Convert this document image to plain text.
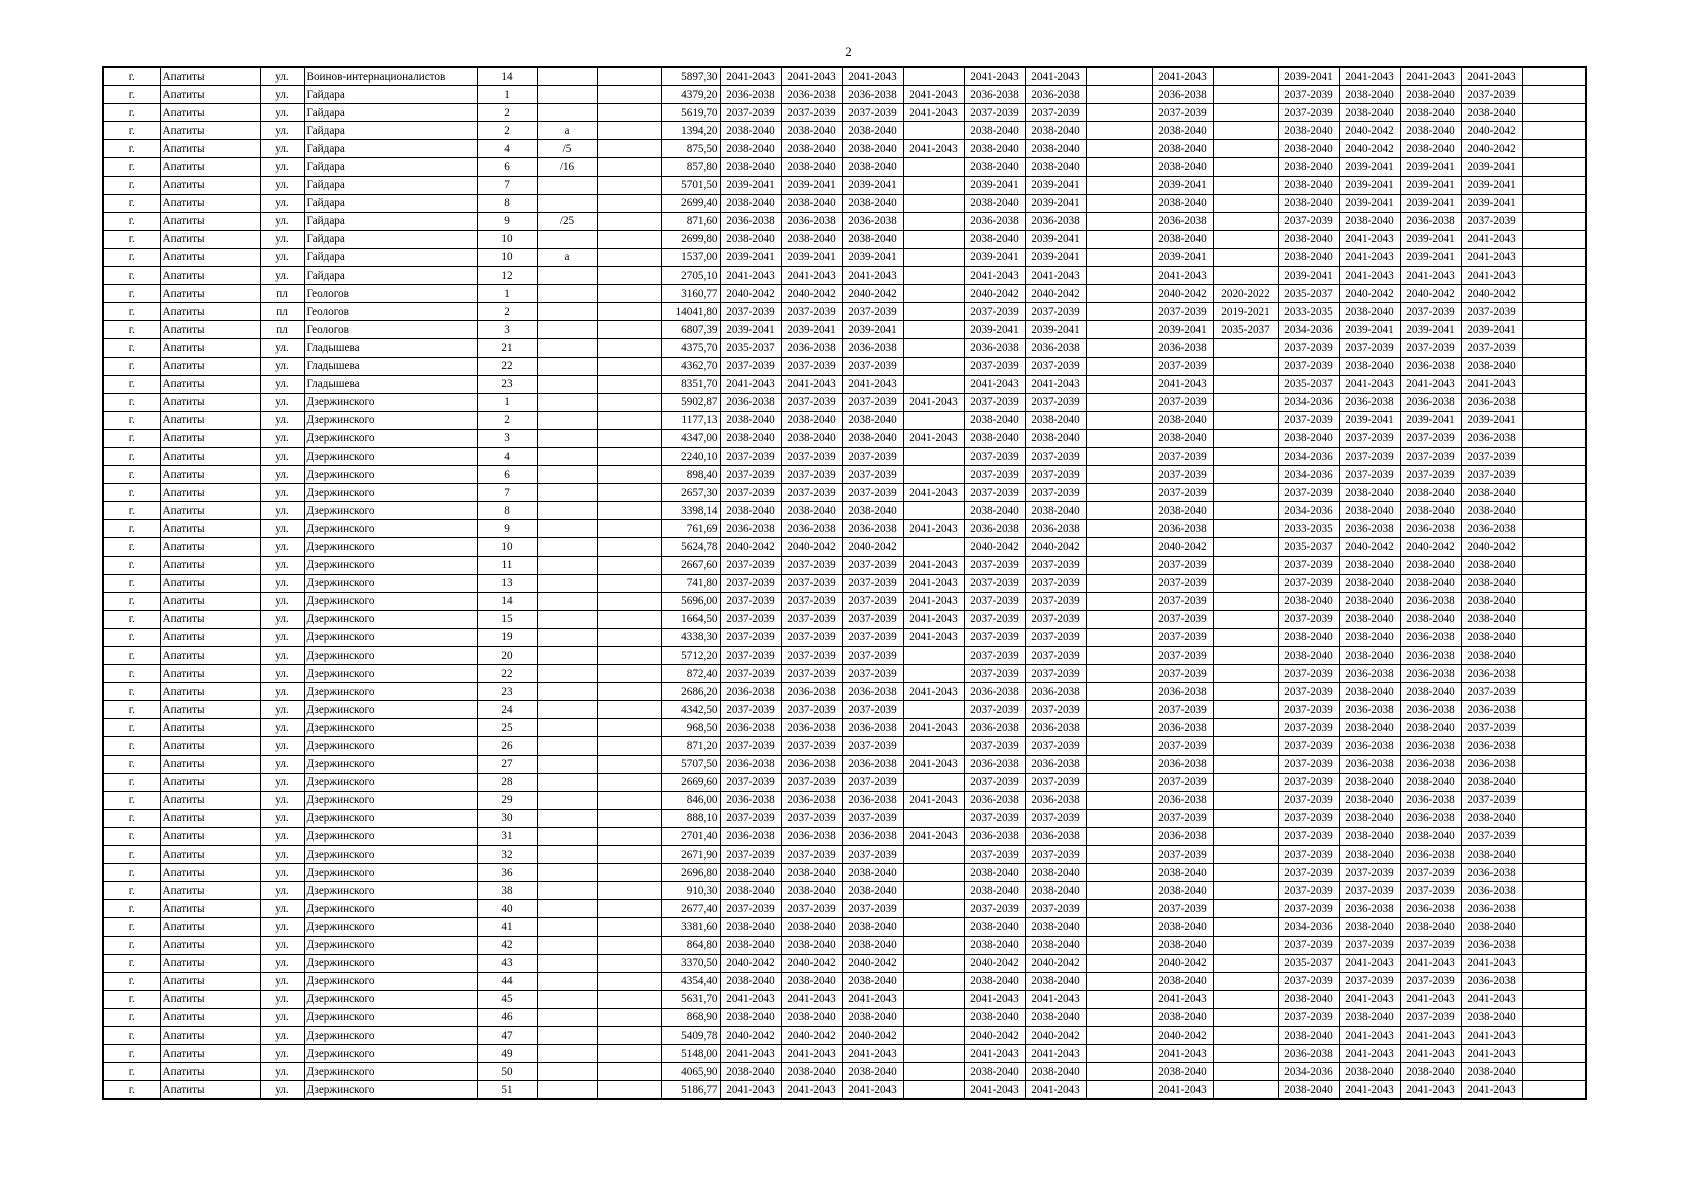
2
г.	Апатиты	ул.	Воинов-интернационалистов	14			5897,30	2041-2043	2041-2043	2041-2043		2041-2043	2041-2043		2041-2043		2039-2041	2041-2043	2041-2043	2041-2043	
г.	Апатиты	ул.	Гайдара	1			4379,20	2036-2038	2036-2038	2036-2038	2041-2043	2036-2038	2036-2038		2036-2038		2037-2039	2038-2040	2038-2040	2037-2039	
г.	Апатиты	ул.	Гайдара	2			5619,70	2037-2039	2037-2039	2037-2039	2041-2043	2037-2039	2037-2039		2037-2039		2037-2039	2038-2040	2038-2040	2038-2040	
г.	Апатиты	ул.	Гайдара	2	а		1394,20	2038-2040	2038-2040	2038-2040		2038-2040	2038-2040		2038-2040		2038-2040	2040-2042	2038-2040	2040-2042	
г.	Апатиты	ул.	Гайдара	4	/5		875,50	2038-2040	2038-2040	2038-2040	2041-2043	2038-2040	2038-2040		2038-2040		2038-2040	2040-2042	2038-2040	2040-2042	
г.	Апатиты	ул.	Гайдара	6	/16		857,80	2038-2040	2038-2040	2038-2040		2038-2040	2038-2040		2038-2040		2038-2040	2039-2041	2039-2041	2039-2041	
г.	Апатиты	ул.	Гайдара	7			5701,50	2039-2041	2039-2041	2039-2041		2039-2041	2039-2041		2039-2041		2038-2040	2039-2041	2039-2041	2039-2041	
г.	Апатиты	ул.	Гайдара	8			2699,40	2038-2040	2038-2040	2038-2040		2038-2040	2039-2041		2038-2040		2038-2040	2039-2041	2039-2041	2039-2041	
г.	Апатиты	ул.	Гайдара	9	/25		871,60	2036-2038	2036-2038	2036-2038		2036-2038	2036-2038		2036-2038		2037-2039	2038-2040	2036-2038	2037-2039	
г.	Апатиты	ул.	Гайдара	10			2699,80	2038-2040	2038-2040	2038-2040		2038-2040	2039-2041		2038-2040		2038-2040	2041-2043	2039-2041	2041-2043	
г.	Апатиты	ул.	Гайдара	10	а		1537,00	2039-2041	2039-2041	2039-2041		2039-2041	2039-2041		2039-2041		2038-2040	2041-2043	2039-2041	2041-2043	
г.	Апатиты	ул.	Гайдара	12			2705,10	2041-2043	2041-2043	2041-2043		2041-2043	2041-2043		2041-2043		2039-2041	2041-2043	2041-2043	2041-2043	
г.	Апатиты	пл	Геологов	1			3160,77	2040-2042	2040-2042	2040-2042		2040-2042	2040-2042		2040-2042	2020-2022	2035-2037	2040-2042	2040-2042	2040-2042	
г.	Апатиты	пл	Геологов	2			14041,80	2037-2039	2037-2039	2037-2039		2037-2039	2037-2039		2037-2039	2019-2021	2033-2035	2038-2040	2037-2039	2037-2039	
г.	Апатиты	пл	Геологов	3			6807,39	2039-2041	2039-2041	2039-2041		2039-2041	2039-2041		2039-2041	2035-2037	2034-2036	2039-2041	2039-2041	2039-2041	
г.	Апатиты	ул.	Гладышева	21			4375,70	2035-2037	2036-2038	2036-2038		2036-2038	2036-2038		2036-2038		2037-2039	2037-2039	2037-2039	2037-2039	
г.	Апатиты	ул.	Гладышева	22			4362,70	2037-2039	2037-2039	2037-2039		2037-2039	2037-2039		2037-2039		2037-2039	2038-2040	2036-2038	2038-2040	
г.	Апатиты	ул.	Гладышева	23			8351,70	2041-2043	2041-2043	2041-2043		2041-2043	2041-2043		2041-2043		2035-2037	2041-2043	2041-2043	2041-2043	
г.	Апатиты	ул.	Дзержинского	1			5902,87	2036-2038	2037-2039	2037-2039	2041-2043	2037-2039	2037-2039		2037-2039		2034-2036	2036-2038	2036-2038	2036-2038	
г.	Апатиты	ул.	Дзержинского	2			1177,13	2038-2040	2038-2040	2038-2040		2038-2040	2038-2040		2038-2040		2037-2039	2039-2041	2039-2041	2039-2041	
г.	Апатиты	ул.	Дзержинского	3			4347,00	2038-2040	2038-2040	2038-2040	2041-2043	2038-2040	2038-2040		2038-2040		2038-2040	2037-2039	2037-2039	2036-2038	
г.	Апатиты	ул.	Дзержинского	4			2240,10	2037-2039	2037-2039	2037-2039		2037-2039	2037-2039		2037-2039		2034-2036	2037-2039	2037-2039	2037-2039	
г.	Апатиты	ул.	Дзержинского	6			898,40	2037-2039	2037-2039	2037-2039		2037-2039	2037-2039		2037-2039		2034-2036	2037-2039	2037-2039	2037-2039	
г.	Апатиты	ул.	Дзержинского	7			2657,30	2037-2039	2037-2039	2037-2039	2041-2043	2037-2039	2037-2039		2037-2039		2037-2039	2038-2040	2038-2040	2038-2040	
г.	Апатиты	ул.	Дзержинского	8			3398,14	2038-2040	2038-2040	2038-2040		2038-2040	2038-2040		2038-2040		2034-2036	2038-2040	2038-2040	2038-2040	
г.	Апатиты	ул.	Дзержинского	9			761,69	2036-2038	2036-2038	2036-2038	2041-2043	2036-2038	2036-2038		2036-2038		2033-2035	2036-2038	2036-2038	2036-2038	
г.	Апатиты	ул.	Дзержинского	10			5624,78	2040-2042	2040-2042	2040-2042		2040-2042	2040-2042		2040-2042		2035-2037	2040-2042	2040-2042	2040-2042	
г.	Апатиты	ул.	Дзержинского	11			2667,60	2037-2039	2037-2039	2037-2039	2041-2043	2037-2039	2037-2039		2037-2039		2037-2039	2038-2040	2038-2040	2038-2040	
г.	Апатиты	ул.	Дзержинского	13			741,80	2037-2039	2037-2039	2037-2039	2041-2043	2037-2039	2037-2039		2037-2039		2037-2039	2038-2040	2038-2040	2038-2040	
г.	Апатиты	ул.	Дзержинского	14			5696,00	2037-2039	2037-2039	2037-2039	2041-2043	2037-2039	2037-2039		2037-2039		2038-2040	2038-2040	2036-2038	2038-2040	
г.	Апатиты	ул.	Дзержинского	15			1664,50	2037-2039	2037-2039	2037-2039	2041-2043	2037-2039	2037-2039		2037-2039		2037-2039	2038-2040	2038-2040	2038-2040	
г.	Апатиты	ул.	Дзержинского	19			4338,30	2037-2039	2037-2039	2037-2039	2041-2043	2037-2039	2037-2039		2037-2039		2038-2040	2038-2040	2036-2038	2038-2040	
г.	Апатиты	ул.	Дзержинского	20			5712,20	2037-2039	2037-2039	2037-2039		2037-2039	2037-2039		2037-2039		2038-2040	2038-2040	2036-2038	2038-2040	
г.	Апатиты	ул.	Дзержинского	22			872,40	2037-2039	2037-2039	2037-2039		2037-2039	2037-2039		2037-2039		2037-2039	2036-2038	2036-2038	2036-2038	
г.	Апатиты	ул.	Дзержинского	23			2686,20	2036-2038	2036-2038	2036-2038	2041-2043	2036-2038	2036-2038		2036-2038		2037-2039	2038-2040	2038-2040	2037-2039	
г.	Апатиты	ул.	Дзержинского	24			4342,50	2037-2039	2037-2039	2037-2039		2037-2039	2037-2039		2037-2039		2037-2039	2036-2038	2036-2038	2036-2038	
г.	Апатиты	ул.	Дзержинского	25			968,50	2036-2038	2036-2038	2036-2038	2041-2043	2036-2038	2036-2038		2036-2038		2037-2039	2038-2040	2038-2040	2037-2039	
г.	Апатиты	ул.	Дзержинского	26			871,20	2037-2039	2037-2039	2037-2039		2037-2039	2037-2039		2037-2039		2037-2039	2036-2038	2036-2038	2036-2038	
г.	Апатиты	ул.	Дзержинского	27			5707,50	2036-2038	2036-2038	2036-2038	2041-2043	2036-2038	2036-2038		2036-2038		2037-2039	2036-2038	2036-2038	2036-2038	
г.	Апатиты	ул.	Дзержинского	28			2669,60	2037-2039	2037-2039	2037-2039		2037-2039	2037-2039		2037-2039		2037-2039	2038-2040	2038-2040	2038-2040	
г.	Апатиты	ул.	Дзержинского	29			846,00	2036-2038	2036-2038	2036-2038	2041-2043	2036-2038	2036-2038		2036-2038		2037-2039	2038-2040	2036-2038	2037-2039	
г.	Апатиты	ул.	Дзержинского	30			888,10	2037-2039	2037-2039	2037-2039		2037-2039	2037-2039		2037-2039		2037-2039	2038-2040	2036-2038	2038-2040	
г.	Апатиты	ул.	Дзержинского	31			2701,40	2036-2038	2036-2038	2036-2038	2041-2043	2036-2038	2036-2038		2036-2038		2037-2039	2038-2040	2038-2040	2037-2039	
г.	Апатиты	ул.	Дзержинского	32			2671,90	2037-2039	2037-2039	2037-2039		2037-2039	2037-2039		2037-2039		2037-2039	2038-2040	2036-2038	2038-2040	
г.	Апатиты	ул.	Дзержинского	36			2696,80	2038-2040	2038-2040	2038-2040		2038-2040	2038-2040		2038-2040		2037-2039	2037-2039	2037-2039	2036-2038	
г.	Апатиты	ул.	Дзержинского	38			910,30	2038-2040	2038-2040	2038-2040		2038-2040	2038-2040		2038-2040		2037-2039	2037-2039	2037-2039	2036-2038	
г.	Апатиты	ул.	Дзержинского	40			2677,40	2037-2039	2037-2039	2037-2039		2037-2039	2037-2039		2037-2039		2037-2039	2036-2038	2036-2038	2036-2038	
г.	Апатиты	ул.	Дзержинского	41			3381,60	2038-2040	2038-2040	2038-2040		2038-2040	2038-2040		2038-2040		2034-2036	2038-2040	2038-2040	2038-2040	
г.	Апатиты	ул.	Дзержинского	42			864,80	2038-2040	2038-2040	2038-2040		2038-2040	2038-2040		2038-2040		2037-2039	2037-2039	2037-2039	2036-2038	
г.	Апатиты	ул.	Дзержинского	43			3370,50	2040-2042	2040-2042	2040-2042		2040-2042	2040-2042		2040-2042		2035-2037	2041-2043	2041-2043	2041-2043	
г.	Апатиты	ул.	Дзержинского	44			4354,40	2038-2040	2038-2040	2038-2040		2038-2040	2038-2040		2038-2040		2037-2039	2037-2039	2037-2039	2036-2038	
г.	Апатиты	ул.	Дзержинского	45			5631,70	2041-2043	2041-2043	2041-2043		2041-2043	2041-2043		2041-2043		2038-2040	2041-2043	2041-2043	2041-2043	
г.	Апатиты	ул.	Дзержинского	46			868,90	2038-2040	2038-2040	2038-2040		2038-2040	2038-2040		2038-2040		2037-2039	2038-2040	2037-2039	2038-2040	
г.	Апатиты	ул.	Дзержинского	47			5409,78	2040-2042	2040-2042	2040-2042		2040-2042	2040-2042		2040-2042		2038-2040	2041-2043	2041-2043	2041-2043	
г.	Апатиты	ул.	Дзержинского	49			5148,00	2041-2043	2041-2043	2041-2043		2041-2043	2041-2043		2041-2043		2036-2038	2041-2043	2041-2043	2041-2043	
г.	Апатиты	ул.	Дзержинского	50			4065,90	2038-2040	2038-2040	2038-2040		2038-2040	2038-2040		2038-2040		2034-2036	2038-2040	2038-2040	2038-2040	
г.	Апатиты	ул.	Дзержинского	51			5186,77	2041-2043	2041-2043	2041-2043		2041-2043	2041-2043		2041-2043		2038-2040	2041-2043	2041-2043	2041-2043	
